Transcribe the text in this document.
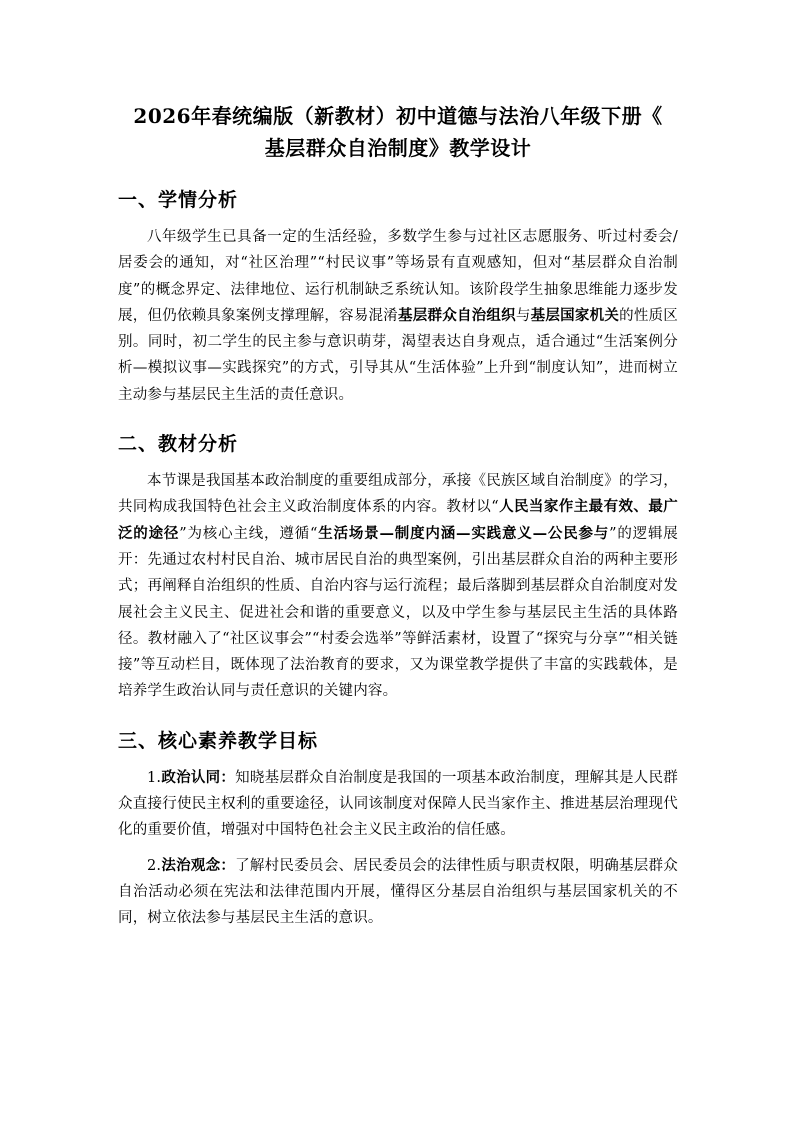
2026年春统编版（新教材）初中道德与法治八年级下册《
基层群众自治制度》教学设计
一、学情分析

八年级学生已具备一定的生活经验，多数学生参与过社区志愿服务、听过村委会/居委会的通知，对“社区治理”“村民议事”等场景有直观感知，但对“基层群众自治制度”的概念界定、法律地位、运行机制缺乏系统认知。该阶段学生抽象思维能力逐步发展，但仍依赖具象案例支撑理解，容易混淆基层群众自治组织与基层国家机关的性质区别。同时，初二学生的民主参与意识萌芽，渴望表达自身观点，适合通过“生活案例分析—模拟议事—实践探究”的方式，引导其从“生活体验”上升到“制度认知”，进而树立主动参与基层民主生活的责任意识。

二、教材分析

本节课是我国基本政治制度的重要组成部分，承接《民族区域自治制度》的学习，共同构成我国特色社会主义政治制度体系的内容。教材以“人民当家作主最有效、最广泛的途径”为核心主线，遵循“生活场景—制度内涵—实践意义—公民参与”的逻辑展开：先通过农村村民自治、城市居民自治的典型案例，引出基层群众自治的两种主要形式；再阐释自治组织的性质、自治内容与运行流程；最后落脚到基层群众自治制度对发展社会主义民主、促进社会和谐的重要意义，以及中学生参与基层民主生活的具体路径。教材融入了“社区议事会”“村委会选举”等鲜活素材，设置了“探究与分享”“相关链接”等互动栏目，既体现了法治教育的要求，又为课堂教学提供了丰富的实践载体，是培养学生政治认同与责任意识的关键内容。

三、核心素养教学目标

1.政治认同：知晓基层群众自治制度是我国的一项基本政治制度，理解其是人民群众直接行使民主权利的重要途径，认同该制度对保障人民当家作主、推进基层治理现代化的重要价值，增强对中国特色社会主义民主政治的信任感。

2.法治观念：了解村民委员会、居民委员会的法律性质与职责权限，明确基层群众自治活动必须在宪法和法律范围内开展，懂得区分基层自治组织与基层国家机关的不同，树立依法参与基层民主生活的意识。
